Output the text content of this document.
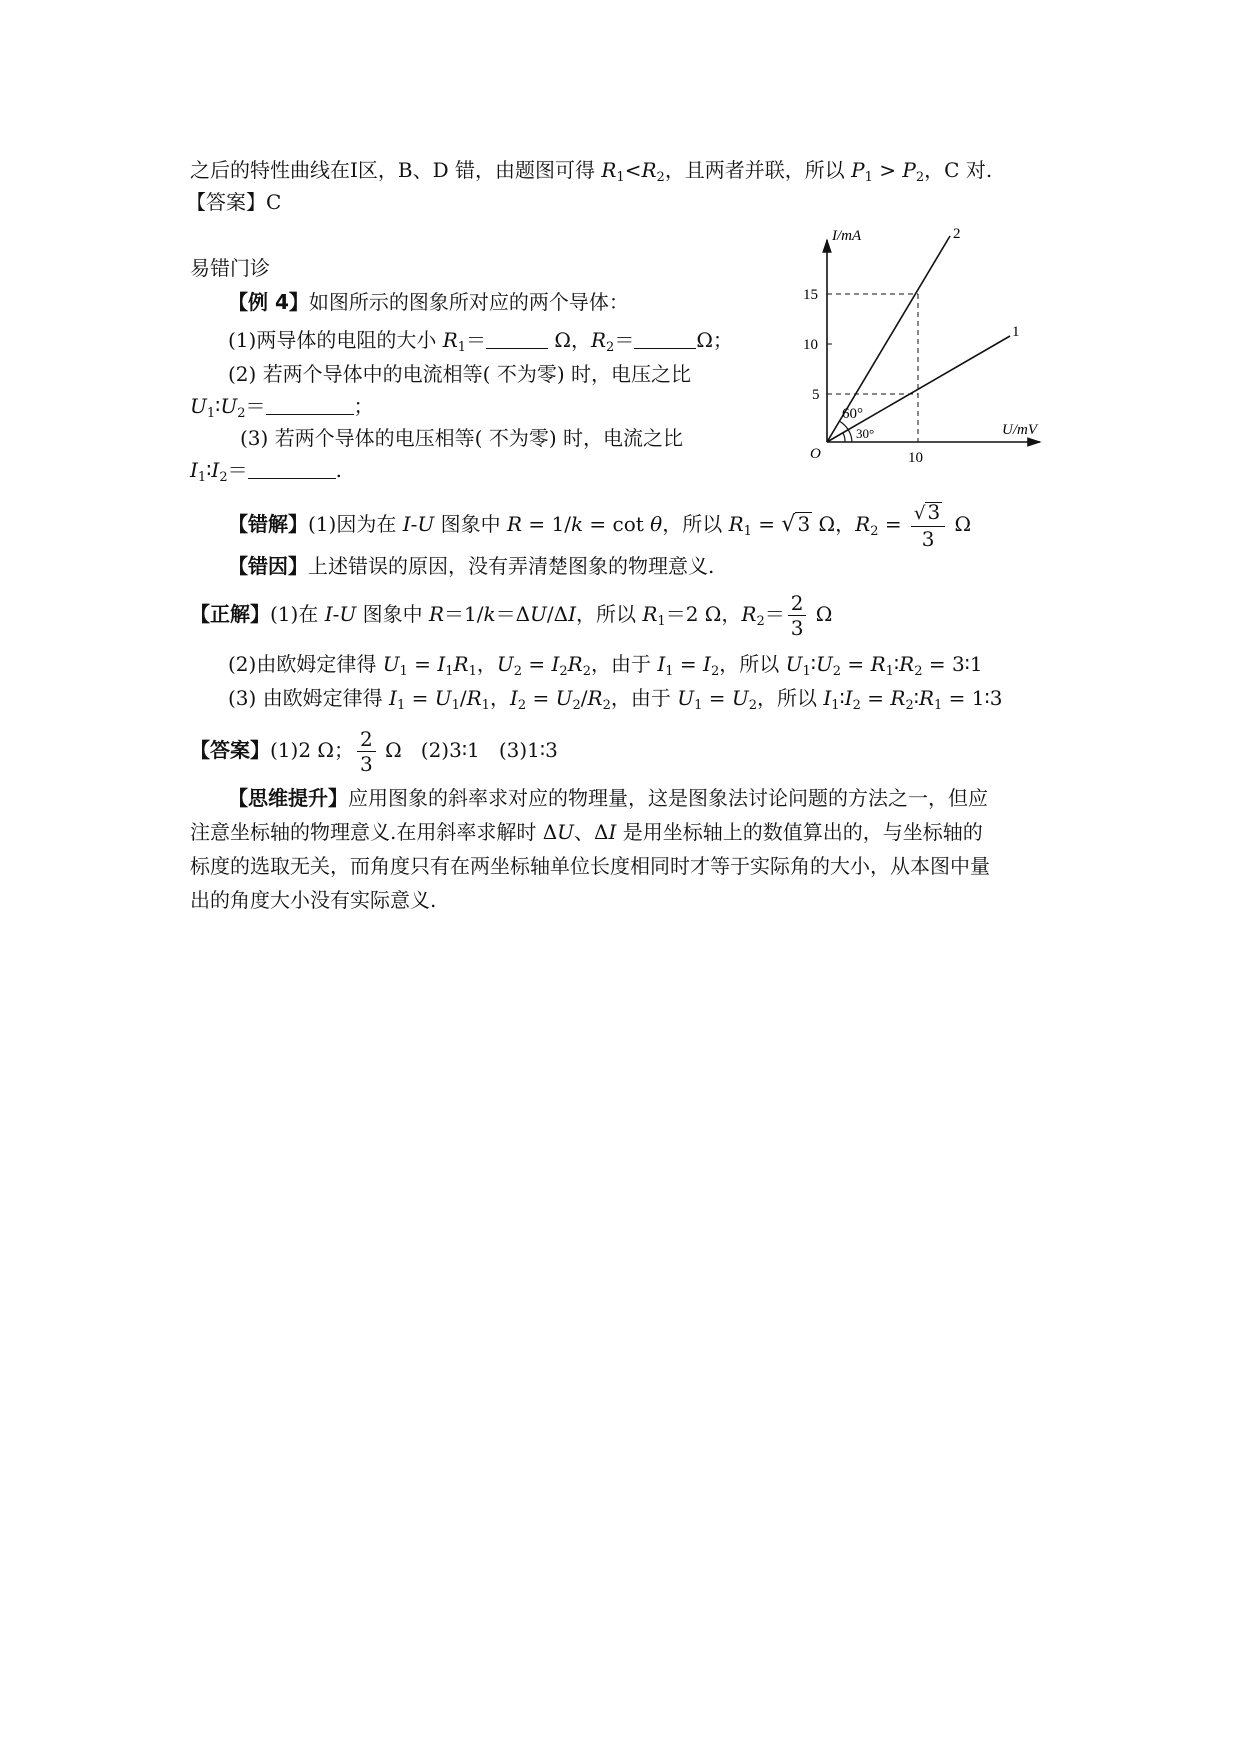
之后的特性曲线在Ⅰ区，B、D 错，由题图可得 $R_1<R_2$，且两者并联，所以 $P_1 > P_2$，C 对.
【答案】C
易错门诊
【例 4】如图所示的图象所对应的两个导体：
(1)两导体的电阻的大小 $R_1=$	Ω，$R_2=$	Ω；
(2) 若两个导体中的电流相等( 不为零) 时，电压之比
$U_1∶U_2=$	；
(3) 若两个导体的电压相等( 不为零) 时，电流之比
$I_1∶I_2=$	.
I/mA
U/mV
O
15
10
5
10
2
1
60°
30°
【错解】(1)因为在 I-U 图象中 R = 1/k = cot θ，所以 $R_1$ = √ 3 Ω，$R_2 = \frac{√ 3}{3}$ Ω
【错因】上述错误的原因，没有弄清楚图象的物理意义.
【正解】(1)在 I-U 图象中 R＝1/k＝ΔU/ΔI，所以 $R_1=2$ Ω，$R_2= \frac{2}{3}$ Ω
(2)由欧姆定律得 $U_1 = I_1R_1$，$U_2 = I_2R_2$，由于 $I_1 = I_2$，所以 $U_1∶U_2$ = $R_1∶R_2$ = 3∶1
(3) 由欧姆定律得 $I_1 = U_1/R_1$，$I_2 = U_2/R_2$，由于 $U_1 = U_2$，所以 $I_1∶I_2$ = $R_2∶R_1$ = 1∶3
【答案】(1)2 Ω； $\frac{2}{3}$ Ω (2)3∶1 (3)1∶3
【思维提升】应用图象的斜率求对应的物理量，这是图象法讨论问题的方法之一，但应
注意坐标轴的物理意义.在用斜率求解时 ΔU、ΔI 是用坐标轴上的数值算出的，与坐标轴的
标度的选取无关，而角度只有在两坐标轴单位长度相同时才等于实际角的大小，从本图中量
出的角度大小没有实际意义.
